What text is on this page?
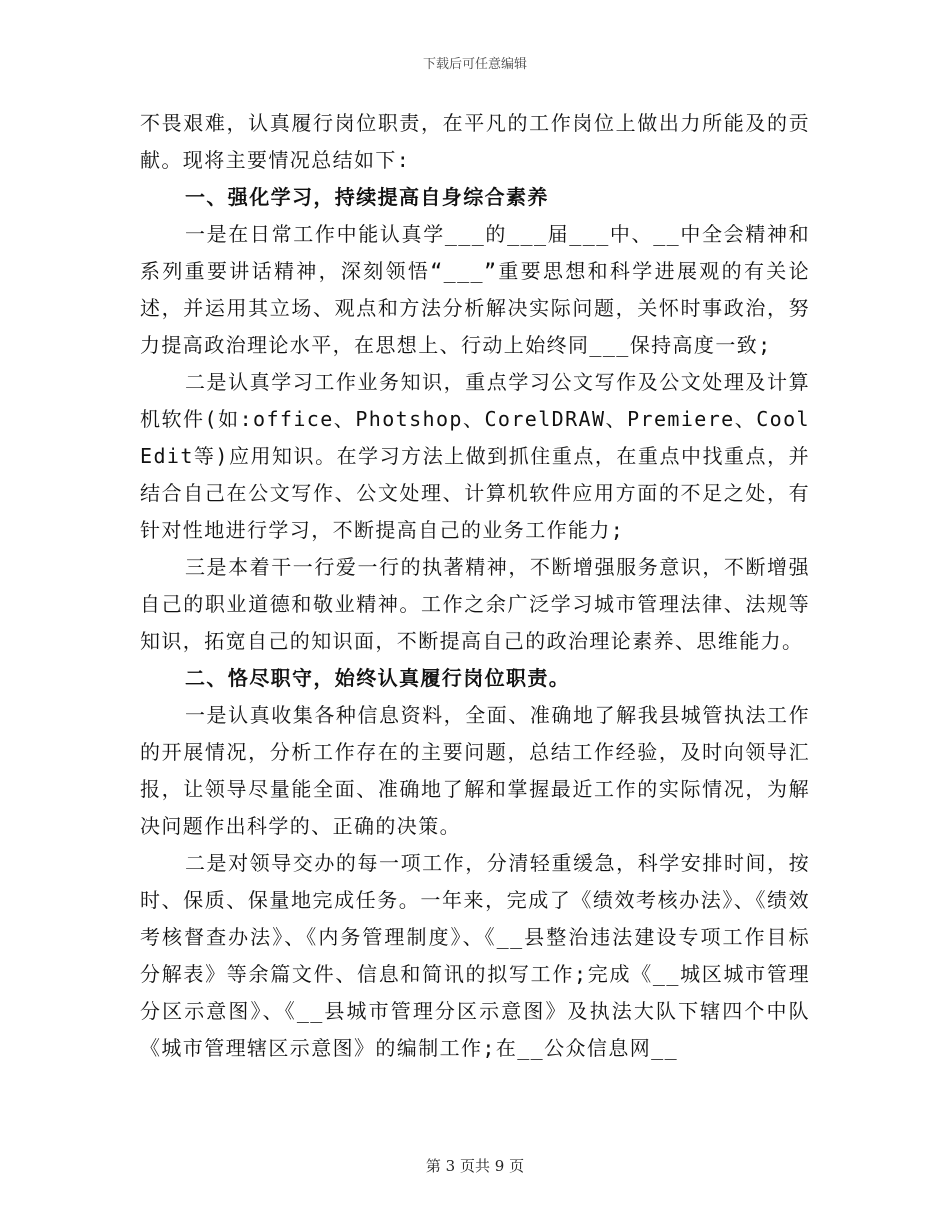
下载后可任意编辑

不畏艰难，认真履行岗位职责，在平凡的工作岗位上做出力所能及的贡献。现将主要情况总结如下:

一、强化学习，持续提高自身综合素养

一是在日常工作中能认真学___的___届___中、__中全会精神和系列重要讲话精神，深刻领悟“___”重要思想和科学进展观的有关论述，并运用其立场、观点和方法分析解决实际问题，关怀时事政治，努力提高政治理论水平，在思想上、行动上始终同___保持高度一致;

二是认真学习工作业务知识，重点学习公文写作及公文处理及计算机软件(如:office、Photshop、CorelDRAW、Premiere、CoolEdit等)应用知识。在学习方法上做到抓住重点，在重点中找重点，并结合自己在公文写作、公文处理、计算机软件应用方面的不足之处，有针对性地进行学习，不断提高自己的业务工作能力;

三是本着干一行爱一行的执著精神，不断增强服务意识，不断增强自己的职业道德和敬业精神。工作之余广泛学习城市管理法律、法规等知识，拓宽自己的知识面，不断提高自己的政治理论素养、思维能力。

二、恪尽职守，始终认真履行岗位职责。

一是认真收集各种信息资料，全面、准确地了解我县城管执法工作的开展情况，分析工作存在的主要问题，总结工作经验，及时向领导汇报，让领导尽量能全面、准确地了解和掌握最近工作的实际情况，为解决问题作出科学的、正确的决策。

二是对领导交办的每一项工作，分清轻重缓急，科学安排时间，按时、保质、保量地完成任务。一年来，完成了《绩效考核办法》、《绩效考核督查办法》、《内务管理制度》、《__县整治违法建设专项工作目标分解表》等余篇文件、信息和简讯的拟写工作;完成《__城区城市管理分区示意图》、《__县城市管理分区示意图》及执法大队下辖四个中队《城市管理辖区示意图》的编制工作;在__公众信息网__

第 3 页共 9 页
